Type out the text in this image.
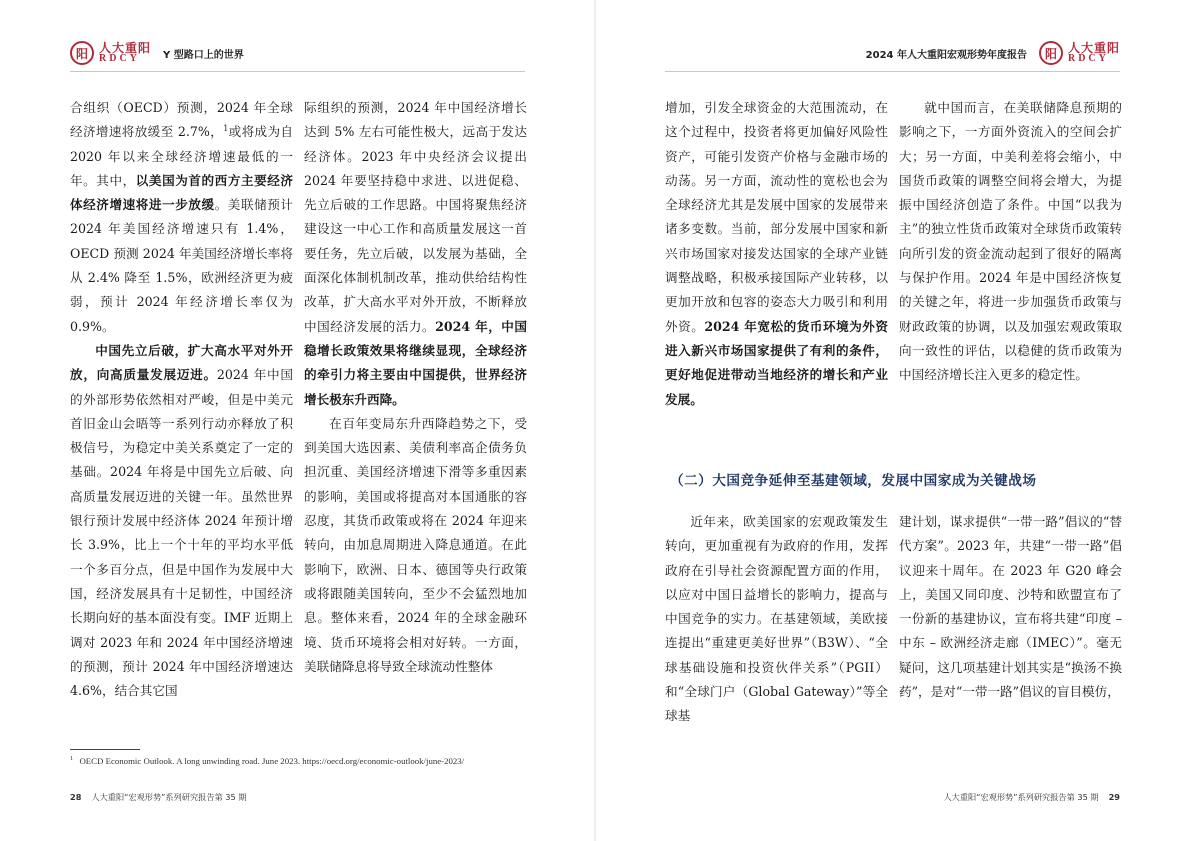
阳 人大重阳
RDCY	Y 型路口上的世界

合组织（OECD）预测，2024 年全球经济增速将放缓至 2.7%，$^1$或将成为自 2020 年以来全球经济增速最低的一年。其中，以美国为首的西方主要经济体经济增速将进一步放缓。美联储预计 2024 年美国经济增速只有 1.4%，OECD 预测 2024 年美国经济增长率将从 2.4% 降至 1.5%，欧洲经济更为疲弱，预计 2024 年经济增长率仅为 0.9%。

中国先立后破，扩大高水平对外开放，向高质量发展迈进。2024 年中国的外部形势依然相对严峻，但是中美元首旧金山会晤等一系列行动亦释放了积极信号，为稳定中美关系奠定了一定的基础。2024 年将是中国先立后破、向高质量发展迈进的关键一年。虽然世界银行预计发展中经济体 2024 年预计增长 3.9%，比上一个十年的平均水平低一个多百分点，但是中国作为发展中大国，经济发展具有十足韧性，中国经济长期向好的基本面没有变。IMF 近期上调对 2023 年和 2024 年中国经济增速的预测，预计 2024 年中国经济增速达 4.6%，结合其它国

际组织的预测，2024 年中国经济增长达到 5% 左右可能性极大，远高于发达经济体。2023 年中央经济会议提出 2024 年要坚持稳中求进、以进促稳、先立后破的工作思路。中国将聚焦经济建设这一中心工作和高质量发展这一首要任务，先立后破，以发展为基础，全面深化体制机制改革，推动供给结构性改革，扩大高水平对外开放，不断释放中国经济发展的活力。2024 年，中国稳增长政策效果将继续显现，全球经济的牵引力将主要由中国提供，世界经济增长极东升西降。

在百年变局东升西降趋势之下，受到美国大选因素、美债利率高企债务负担沉重、美国经济增速下滑等多重因素的影响，美国或将提高对本国通胀的容忍度，其货币政策或将在 2024 年迎来转向，由加息周期进入降息通道。在此影响下，欧洲、日本、德国等央行政策或将跟随美国转向，至少不会猛烈地加息。整体来看，2024 年的全球金融环境、货币环境将会相对好转。一方面，美联储降息将导致全球流动性整体

$^1$ OECD Economic Outlook. A long unwinding road. June 2023. https://oecd.org/economic-outlook/june-2023/
28 人大重阳“宏观形势”系列研究报告第 35 期
2024 年人大重阳宏观形势年度报告	阳 人大重阳
RDCY

增加，引发全球资金的大范围流动，在这个过程中，投资者将更加偏好风险性资产，可能引发资产价格与金融市场的动荡。另一方面，流动性的宽松也会为全球经济尤其是发展中国家的发展带来诸多变数。当前，部分发展中国家和新兴市场国家对接发达国家的全球产业链调整战略，积极承接国际产业转移，以更加开放和包容的姿态大力吸引和利用外资。2024 年宽松的货币环境为外资进入新兴市场国家提供了有利的条件，更好地促进带动当地经济的增长和产业发展。

就中国而言，在美联储降息预期的影响之下，一方面外资流入的空间会扩大；另一方面，中美利差将会缩小，中国货币政策的调整空间将会增大，为提振中国经济创造了条件。中国“以我为主”的独立性货币政策对全球货币政策转向所引发的资金流动起到了很好的隔离与保护作用。2024 年是中国经济恢复的关键之年，将进一步加强货币政策与财政政策的协调，以及加强宏观政策取向一致性的评估，以稳健的货币政策为中国经济增长注入更多的稳定性。

近年来，欧美国家的宏观政策发生转向，更加重视有为政府的作用，发挥政府在引导社会资源配置方面的作用，以应对中国日益增长的影响力，提高与中国竞争的实力。在基建领域，美欧接连提出“重建更美好世界”（B3W）、“全球基础设施和投资伙伴关系”（PGII）和“全球门户（Global Gateway）”等全球基

建计划，谋求提供“一带一路”倡议的“替代方案”。2023 年，共建“一带一路”倡议迎来十周年。在 2023 年 G20 峰会上，美国又同印度、沙特和欧盟宣布了一份新的基建协议，宣布将共建“印度 – 中东 – 欧洲经济走廊（IMEC）”。毫无疑问，这几项基建计划其实是“换汤不换药”，是对“一带一路”倡议的盲目模仿，

人大重阳“宏观形势”系列研究报告第 35 期 29
（二）大国竞争延伸至基建领域，发展中国家成为关键战场
